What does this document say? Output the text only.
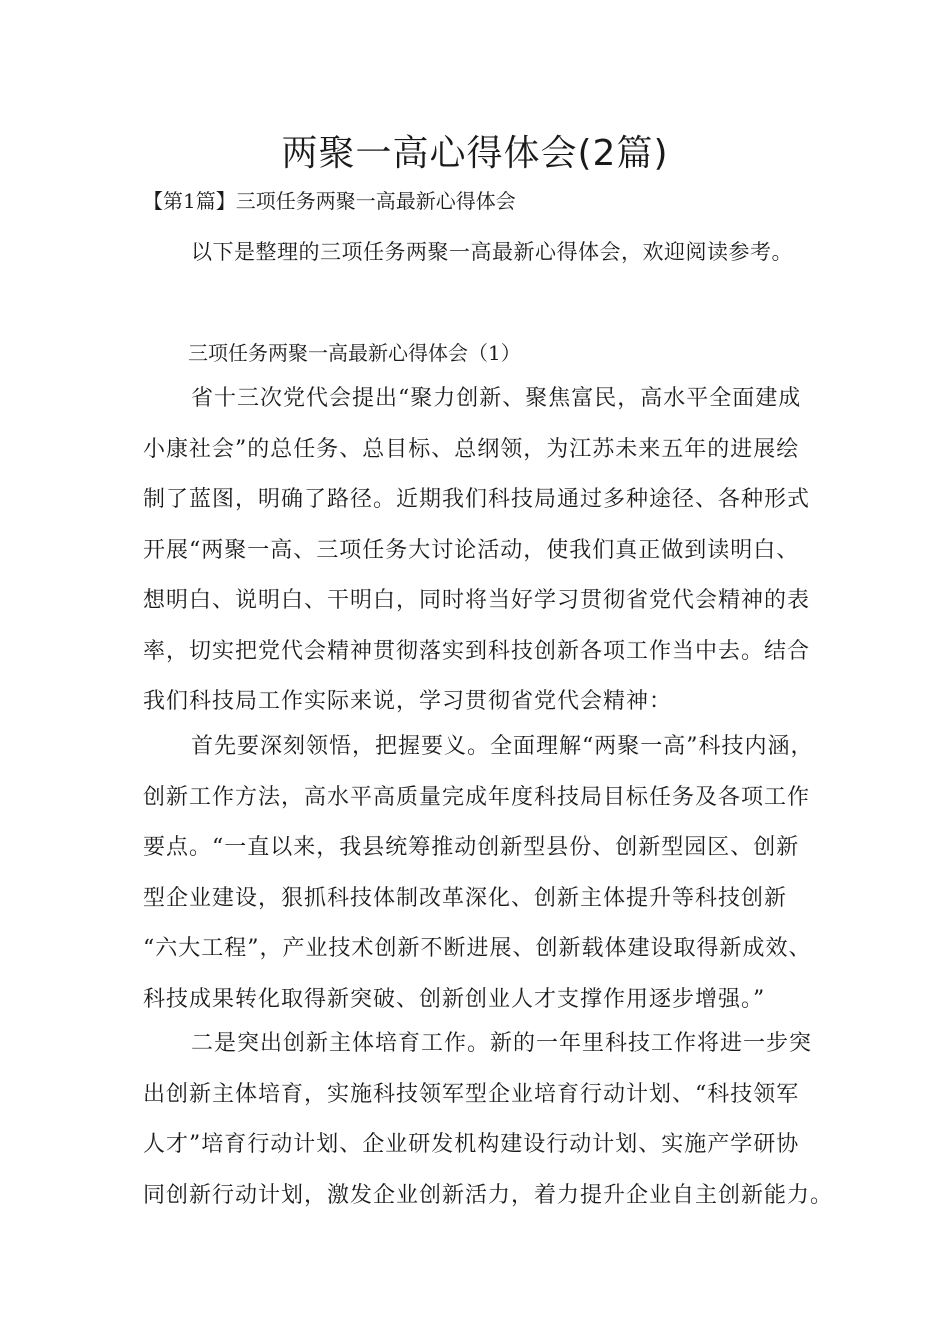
两聚一高心得体会(2篇)

【第1篇】三项任务两聚一高最新心得体会

以下是整理的三项任务两聚一高最新心得体会，欢迎阅读参考。

三项任务两聚一高最新心得体会（1）

省十三次党代会提出“聚力创新、聚焦富民，高水平全面建成
小康社会”的总任务、总目标、总纲领，为江苏未来五年的进展绘
制了蓝图，明确了路径。近期我们科技局通过多种途径、各种形式
开展“两聚一高、三项任务大讨论活动，使我们真正做到读明白、
想明白、说明白、干明白，同时将当好学习贯彻省党代会精神的表
率，切实把党代会精神贯彻落实到科技创新各项工作当中去。结合
我们科技局工作实际来说，学习贯彻省党代会精神：
首先要深刻领悟，把握要义。全面理解“两聚一高”科技内涵，
创新工作方法，高水平高质量完成年度科技局目标任务及各项工作
要点。“一直以来，我县统筹推动创新型县份、创新型园区、创新
型企业建设，狠抓科技体制改革深化、创新主体提升等科技创新
“六大工程”，产业技术创新不断进展、创新载体建设取得新成效、
科技成果转化取得新突破、创新创业人才支撑作用逐步增强。”
二是突出创新主体培育工作。新的一年里科技工作将进一步突
出创新主体培育，实施科技领军型企业培育行动计划、“科技领军
人才”培育行动计划、企业研发机构建设行动计划、实施产学研协
同创新行动计划，激发企业创新活力，着力提升企业自主创新能力。
